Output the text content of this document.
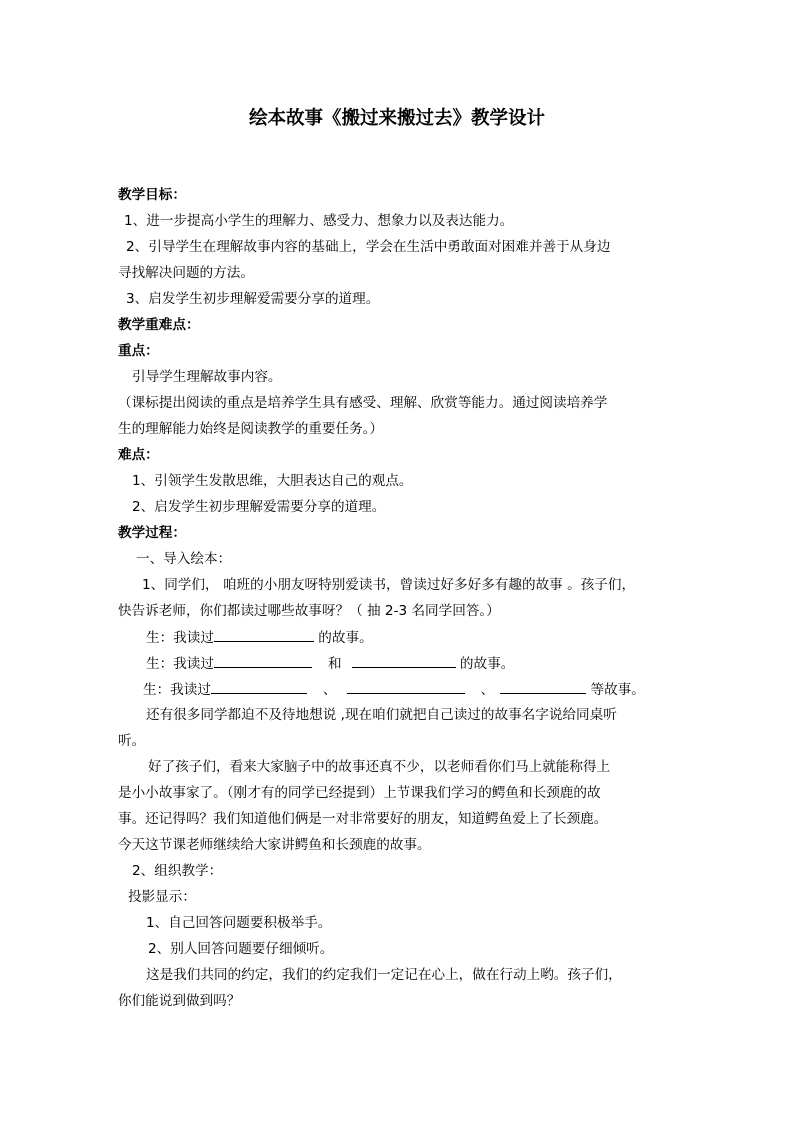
绘本故事《搬过来搬过去》教学设计
教学目标：
1、进一步提高小学生的理解力、感受力、想象力以及表达能力。
2、引导学生在理解故事内容的基础上，学会在生活中勇敢面对困难并善于从身边
寻找解决问题的方法。
3、启发学生初步理解爱需要分享的道理。
教学重难点：
重点：
引导学生理解故事内容。
（课标提出阅读的重点是培养学生具有感受、理解、欣赏等能力。通过阅读培养学
生的理解能力始终是阅读教学的重要任务。）
难点：
1、引领学生发散思维，大胆表达自己的观点。
2、启发学生初步理解爱需要分享的道理。
教学过程：
一、导入绘本：
1、同学们， 咱班的小朋友呀特别爱读书，曾读过好多好多有趣的故事 。孩子们，
快告诉老师，你们都读过哪些故事呀？（ 抽 2-3 名同学回答。）
生：我读过	的故事。
生：我读过	和	的故事。
生：我读过	、	、	等故事。
还有很多同学都迫不及待地想说 ,现在咱们就把自己读过的故事名字说给同桌听
听。
好了孩子们，看来大家脑子中的故事还真不少，以老师看你们马上就能称得上
是小小故事家了。（刚才有的同学已经提到）上节课我们学习的鳄鱼和长颈鹿的故
事。还记得吗？我们知道他们俩是一对非常要好的朋友，知道鳄鱼爱上了长颈鹿。
今天这节课老师继续给大家讲鳄鱼和长颈鹿的故事。
2、组织教学：
投影显示：
1、自己回答问题要积极举手。
2、别人回答问题要仔细倾听。
这是我们共同的约定，我们的约定我们一定记在心上，做在行动上哟。孩子们，
你们能说到做到吗？
